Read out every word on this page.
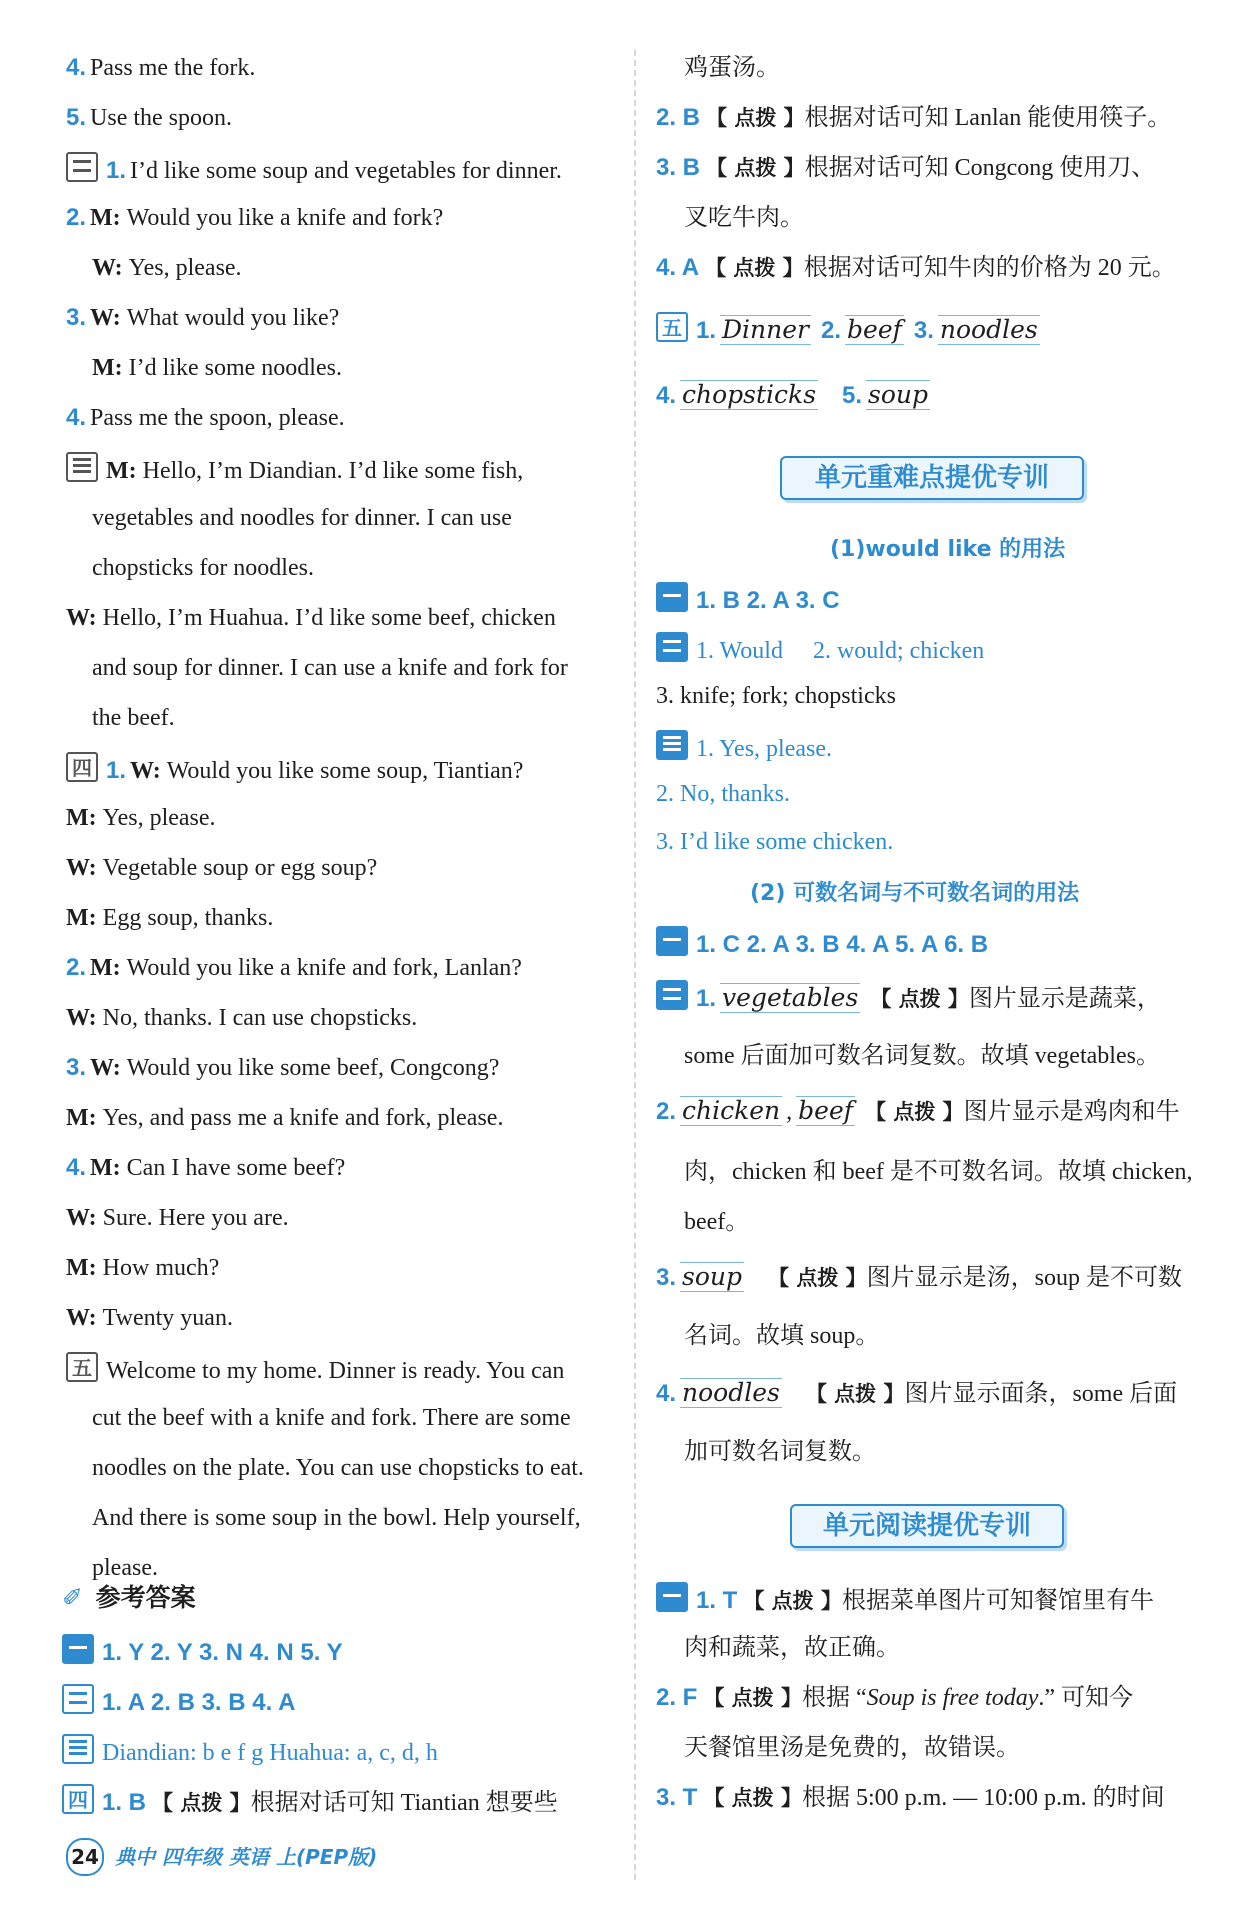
4. Pass me the fork.
5. Use the spoon.
1. I’d like some soup and vegetables for dinner.
2. M: Would you like a knife and fork?
W: Yes, please.
3. W: What would you like?
M: I’d like some noodles.
4. Pass me the spoon, please.
M: Hello, I’m Diandian. I’d like some fish,
vegetables and noodles for dinner. I can use
chopsticks for noodles.
W: Hello, I’m Huahua. I’d like some beef, chicken
and soup for dinner. I can use a knife and fork for
the beef.
四 1. W: Would you like some soup, Tiantian?
M: Yes, please.
W: Vegetable soup or egg soup?
M: Egg soup, thanks.
2. M: Would you like a knife and fork, Lanlan?
W: No, thanks. I can use chopsticks.
3. W: Would you like some beef, Congcong?
M: Yes, and pass me a knife and fork, please.
4. M: Can I have some beef?
W: Sure. Here you are.
M: How much?
W: Twenty yuan.
五 Welcome to my home. Dinner is ready. You can
cut the beef with a knife and fork. There are some
noodles on the plate. You can use chopsticks to eat.
And there is some soup in the bowl. Help yourself,
please.
✐ 参考答案
1. Y 2. Y 3. N 4. N 5. Y
1. A 2. B 3. B 4. A
Diandian: b e f g Huahua: a, c, d, h
四 1. B 【 点拨 】根据对话可知 Tiantian 想要些
24 典中 四年级 英语 上(PEP版)
鸡蛋汤。
2. B 【 点拨 】根据对话可知 Lanlan 能使用筷子。
3. B 【 点拨 】根据对话可知 Congcong 使用刀、
叉吃牛肉。
4. A 【 点拨 】根据对话可知牛肉的价格为 20 元。
五 1. Dinner 2. beef 3. noodles
4. chopsticks 5. soup
单元重难点提优专训
(1)would like 的用法
1. B 2. A 3. C
1. Would 2. would; chicken
3. knife; fork; chopsticks
1. Yes, please.
2. No, thanks.
3. I’d like some chicken.
(2) 可数名词与不可数名词的用法
1. C 2. A 3. B 4. A 5. A 6. B
1. vegetables 【 点拨 】图片显示是蔬菜，
some 后面加可数名词复数。故填 vegetables。
2. chicken , beef 【 点拨 】图片显示是鸡肉和牛
肉，chicken 和 beef 是不可数名词。故填 chicken,
beef。
3. soup 【 点拨 】图片显示是汤，soup 是不可数
名词。故填 soup。
4. noodles 【 点拨 】图片显示面条，some 后面
加可数名词复数。
单元阅读提优专训
1. T 【 点拨 】根据菜单图片可知餐馆里有牛
肉和蔬菜，故正确。
2. F 【 点拨 】根据 “Soup is free today.” 可知今
天餐馆里汤是免费的，故错误。
3. T 【 点拨 】根据 5:00 p.m. — 10:00 p.m. 的时间
